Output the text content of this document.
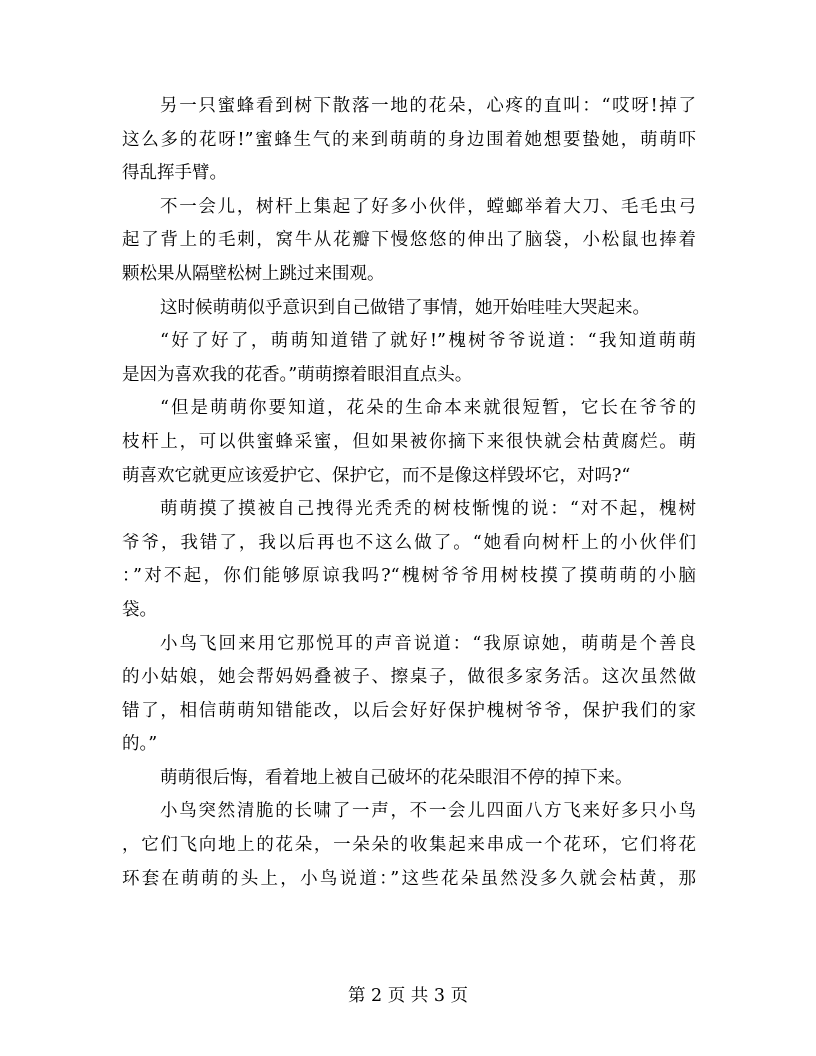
另一只蜜蜂看到树下散落一地的花朵，心疼的直叫：“哎呀!掉了
这么多的花呀!”蜜蜂生气的来到萌萌的身边围着她想要蛰她，萌萌吓
得乱挥手臂。

不一会儿，树杆上集起了好多小伙伴，螳螂举着大刀、毛毛虫弓
起了背上的毛刺，窝牛从花瓣下慢悠悠的伸出了脑袋，小松鼠也捧着
颗松果从隔壁松树上跳过来围观。

这时候萌萌似乎意识到自己做错了事情，她开始哇哇大哭起来。

“好了好了，萌萌知道错了就好!”槐树爷爷说道：“我知道萌萌
是因为喜欢我的花香。”萌萌擦着眼泪直点头。

“但是萌萌你要知道，花朵的生命本来就很短暂，它长在爷爷的
枝杆上，可以供蜜蜂采蜜，但如果被你摘下来很快就会枯黄腐烂。萌
萌喜欢它就更应该爱护它、保护它，而不是像这样毁坏它，对吗?“

萌萌摸了摸被自己拽得光秃秃的树枝惭愧的说：“对不起，槐树
爷爷，我错了，我以后再也不这么做了。“她看向树杆上的小伙伴们
：”对不起，你们能够原谅我吗?“槐树爷爷用树枝摸了摸萌萌的小脑
袋。

小鸟飞回来用它那悦耳的声音说道：“我原谅她，萌萌是个善良
的小姑娘，她会帮妈妈叠被子、擦桌子，做很多家务活。这次虽然做
错了，相信萌萌知错能改，以后会好好保护槐树爷爷，保护我们的家
的。”

萌萌很后悔，看着地上被自己破坏的花朵眼泪不停的掉下来。

小鸟突然清脆的长啸了一声，不一会儿四面八方飞来好多只小鸟
，它们飞向地上的花朵，一朵朵的收集起来串成一个花环，它们将花
环套在萌萌的头上，小鸟说道：”这些花朵虽然没多久就会枯黄，那

第 2 页 共 3 页
